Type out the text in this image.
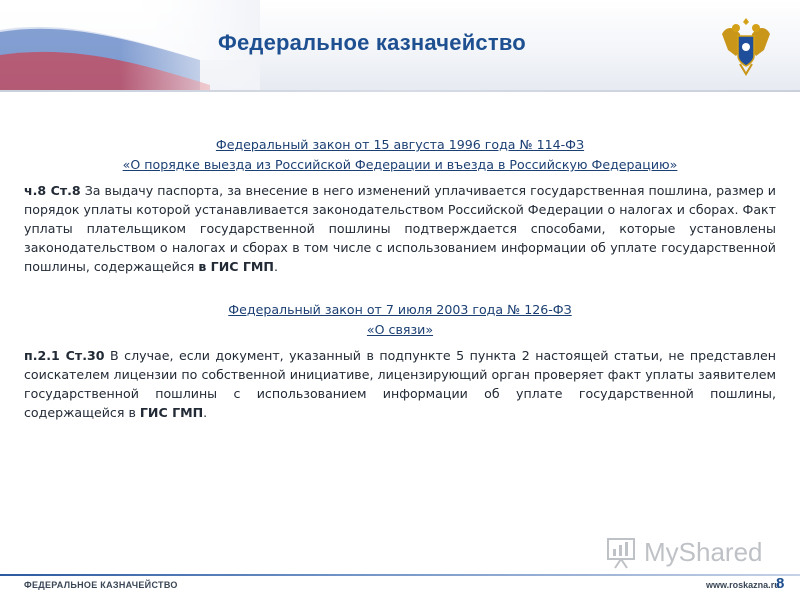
Федеральное казначейство
Федеральный закон от 15 августа 1996 года № 114-ФЗ
«О порядке выезда из Российской Федерации и въезда в Российскую Федерацию»

ч.8 Ст.8 За выдачу паспорта, за внесение в него изменений уплачивается государственная пошлина, размер и порядок уплаты которой устанавливается законодательством Российской Федерации о налогах и сборах. Факт уплаты плательщиком государственной пошлины подтверждается способами, которые установлены законодательством о налогах и сборах в том числе с использованием информации об уплате государственной пошлины, содержащейся в ГИС ГМП.

Федеральный закон от 7 июля 2003 года № 126-ФЗ
«О связи»

п.2.1 Ст.30 В случае, если документ, указанный в подпункте 5 пункта 2 настоящей статьи, не представлен соискателем лицензии по собственной инициативе, лицензирующий орган проверяет факт уплаты заявителем государственной пошлины с использованием информации об уплате государственной пошлины, содержащейся в ГИС ГМП.

MyShared
ФЕДЕРАЛЬНОЕ КАЗНАЧЕЙСТВО	www.roskazna.ru
8
